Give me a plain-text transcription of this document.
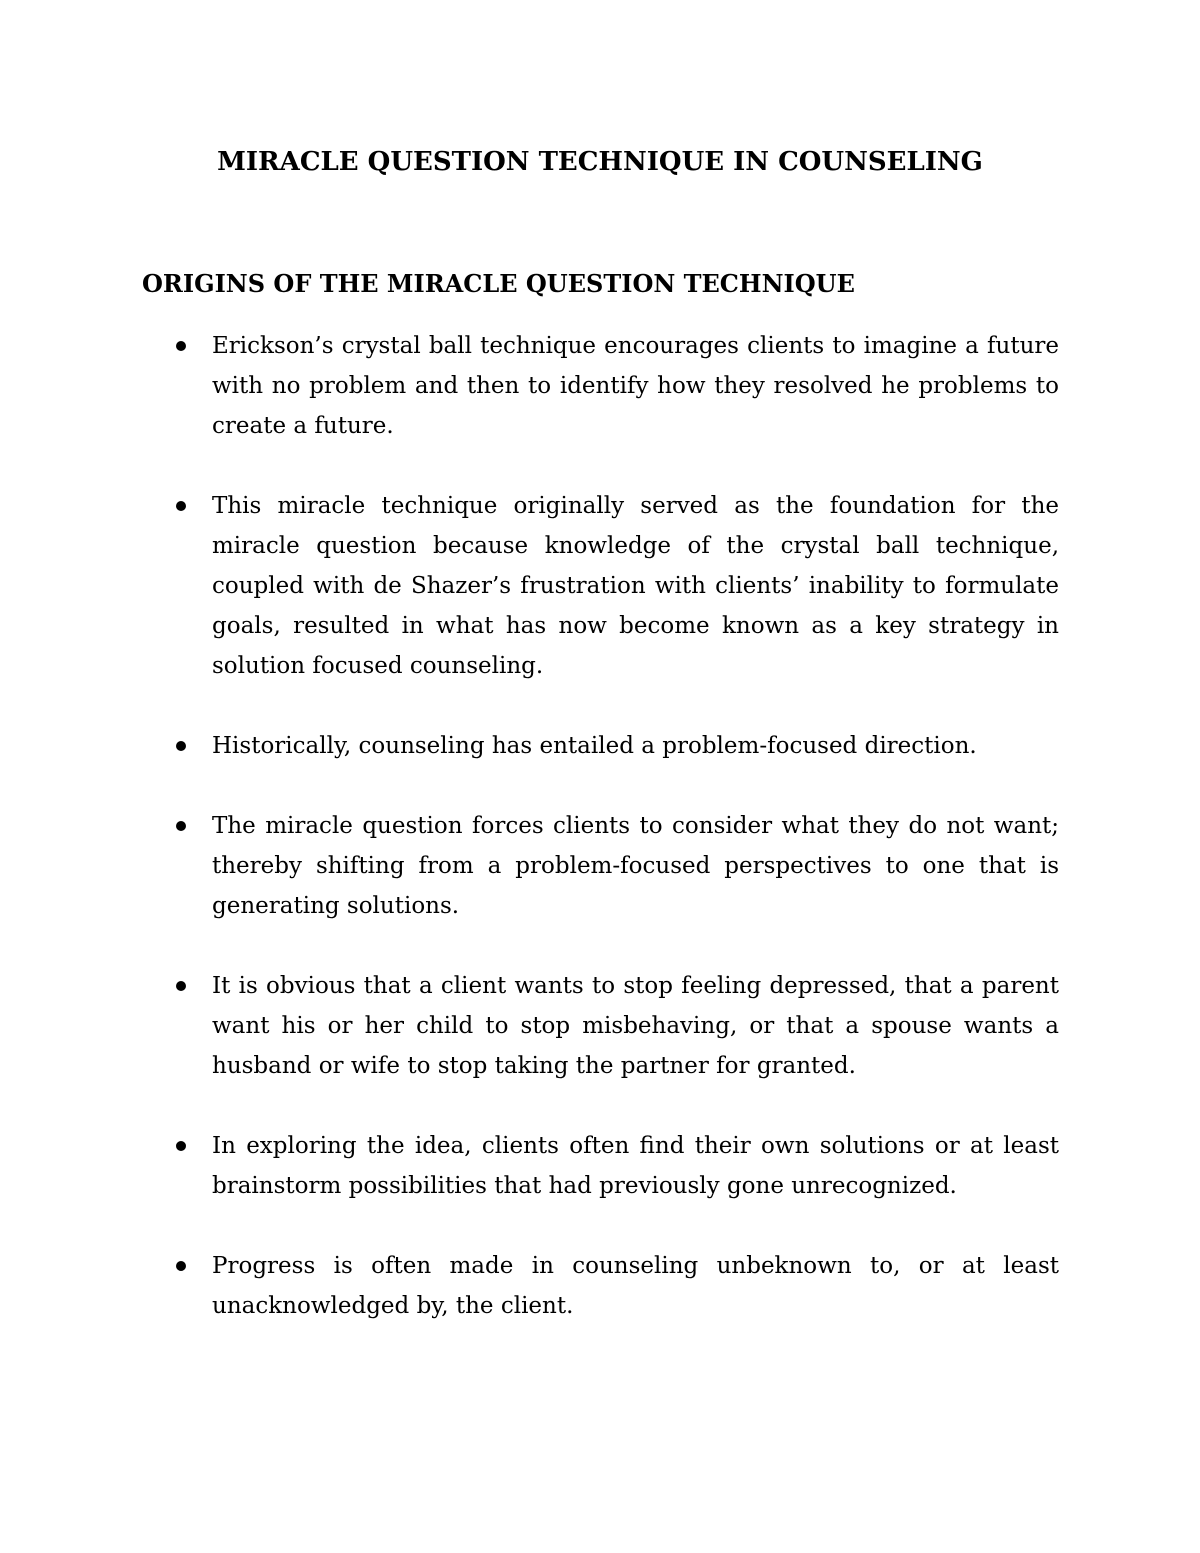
MIRACLE QUESTION TECHNIQUE IN COUNSELING
ORIGINS OF THE MIRACLE QUESTION TECHNIQUE
Erickson’s crystal ball technique encourages clients to imagine a future with no problem and then to identify how they resolved he problems to create a future.
This miracle technique originally served as the foundation for the miracle question because knowledge of the crystal ball technique, coupled with de Shazer’s frustration with clients’ inability to formulate goals, resulted in what has now become known as a key strategy in solution focused counseling.
Historically, counseling has entailed a problem-focused direction.
The miracle question forces clients to consider what they do not want; thereby shifting from a problem-focused perspectives to one that is generating solutions.
It is obvious that a client wants to stop feeling depressed, that a parent want his or her child to stop misbehaving, or that a spouse wants a husband or wife to stop taking the partner for granted.
In exploring the idea, clients often find their own solutions or at least brainstorm possibilities that had previously gone unrecognized.
Progress is often made in counseling unbeknown to, or at least unacknowledged by, the client.
